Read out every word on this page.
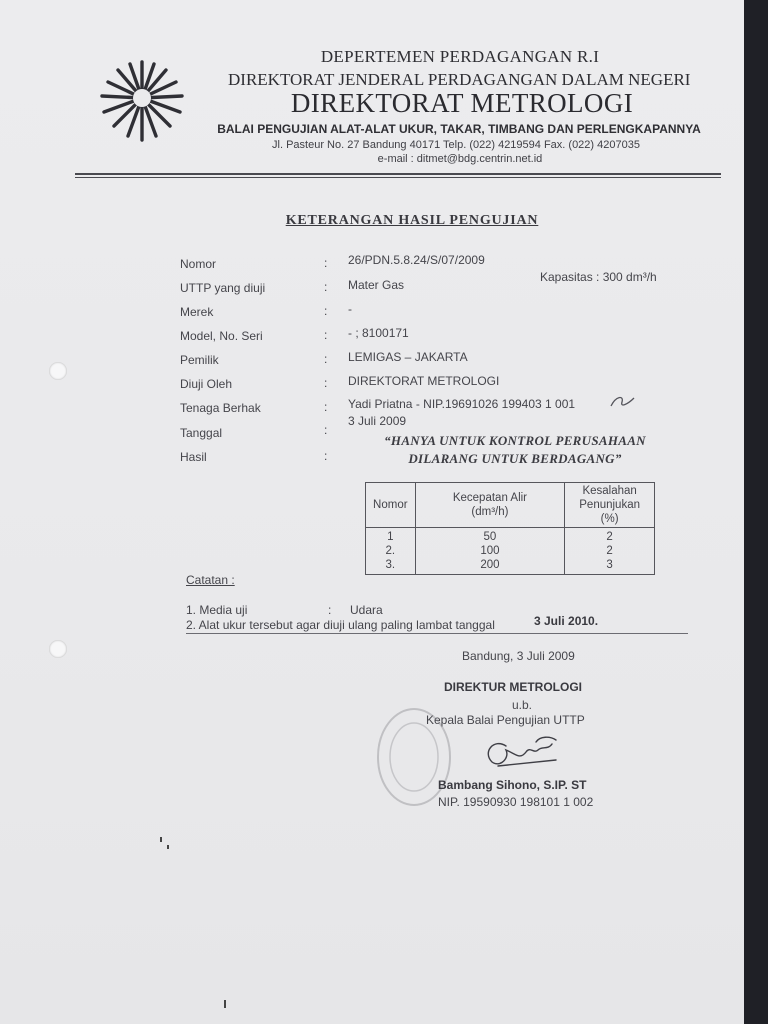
DEPERTEMEN PERDAGANGAN R.I
DIREKTORAT JENDERAL PERDAGANGAN DALAM NEGERI
DIREKTORAT METROLOGI
BALAI PENGUJIAN ALAT-ALAT UKUR, TAKAR, TIMBANG DAN PERLENGKAPANNYA
Jl. Pasteur No. 27 Bandung 40171 Telp. (022) 4219594 Fax. (022) 4207035
e-mail : ditmet@bdg.centrin.net.id
KETERANGAN HASIL PENGUJIAN
Nomor	: 26/PDN.5.8.24/S/07/2009
UTTP yang diuji	: Mater Gas
Kapasitas : 300 dm³/h
Merek	: -
Model, No. Seri	: - ; 8100171
Pemilik	: LEMIGAS – JAKARTA
Diuji Oleh	: DIREKTORAT METROLOGI
Tenaga Berhak	: Yadi Priatna - NIP.19691026 199403 1 001
Tanggal	:
3 Juli 2009
Hasil	:
“HANYA UNTUK KONTROL PERUSAHAAN
DILARANG UNTUK BERDAGANG”
Nomor	Kecepatan Alir (dm³/h)	Kesalahan Penunjukan (%)
1	50	2
2.	100	2
3.	200	3
Catatan :
1. Media uji	: Udara
2. Alat ukur tersebut agar diuji ulang paling lambat tanggal	3 Juli 2010.
Bandung, 3 Juli 2009
DIREKTUR METROLOGI
u.b.
Kepala Balai Pengujian UTTP
Bambang Sihono, S.IP. ST
NIP. 19590930 198101 1 002
